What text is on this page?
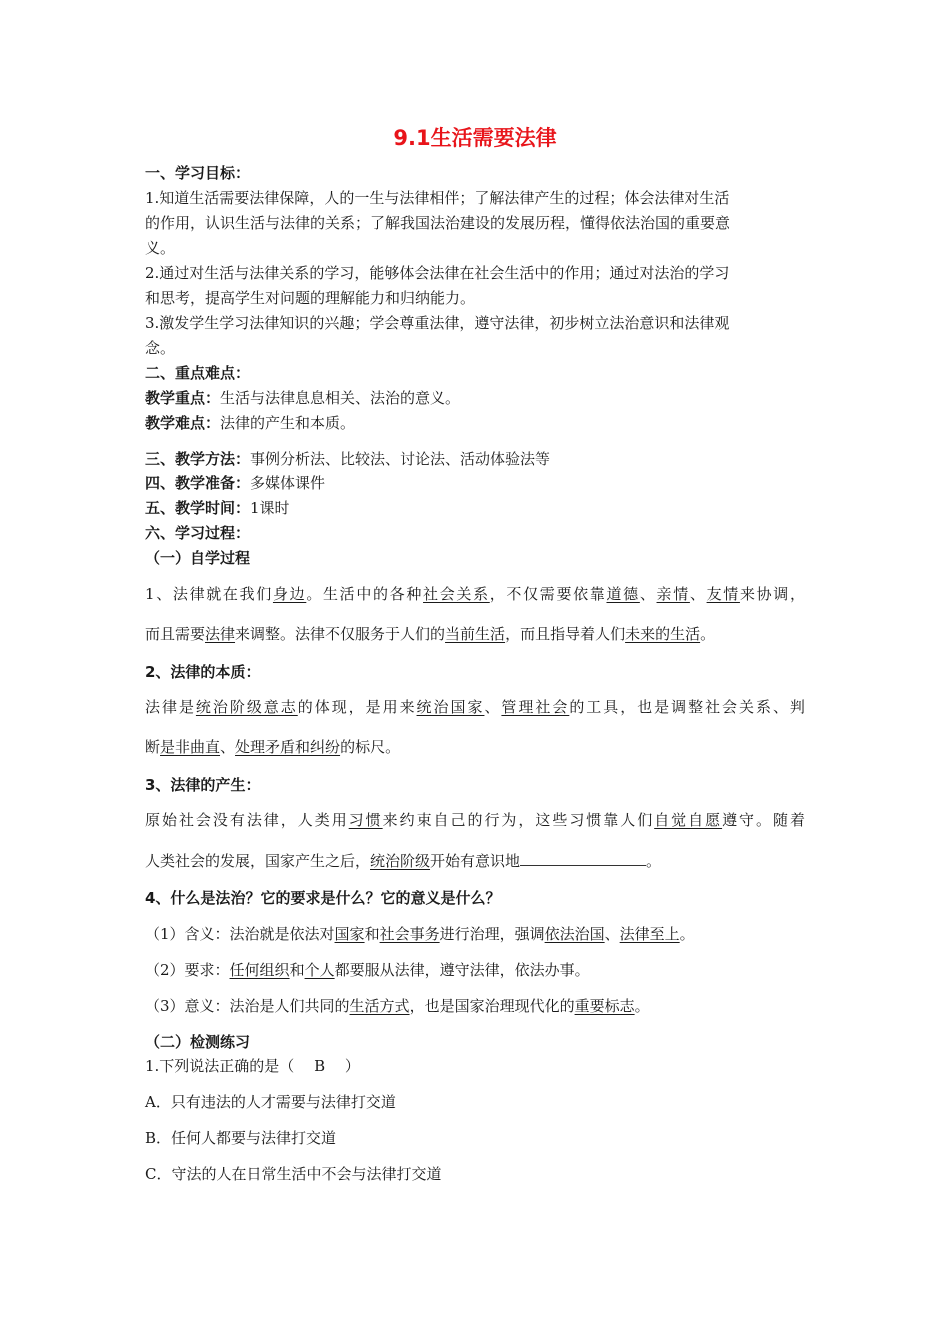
9.1生活需要法律
一、学习目标：
1.知道生活需要法律保障，人的一生与法律相伴；了解法律产生的过程；体会法律对生活
的作用，认识生活与法律的关系；了解我国法治建设的发展历程，懂得依法治国的重要意
义。
2.通过对生活与法律关系的学习，能够体会法律在社会生活中的作用；通过对法治的学习
和思考，提高学生对问题的理解能力和归纳能力。
3.激发学生学习法律知识的兴趣；学会尊重法律，遵守法律，初步树立法治意识和法律观
念。
二、重点难点：
教学重点：生活与法律息息相关、法治的意义。
教学难点：法律的产生和本质。
三、教学方法：事例分析法、比较法、讨论法、活动体验法等
四、教学准备：多媒体课件
五、教学时间：1课时
六、学习过程：
（一）自学过程
1、法律就在我们身边。生活中的各种社会关系，不仅需要依靠道德、亲情、友情来协调，
而且需要法律来调整。法律不仅服务于人们的当前生活，而且指导着人们未来的生活。
2、法律的本质：
法律是统治阶级意志的体现，是用来统治国家、管理社会的工具，也是调整社会关系、判
断是非曲直、处理矛盾和纠纷的标尺。
3、法律的产生：
原始社会没有法律，人类用习惯来约束自己的行为，这些习惯靠人们自觉自愿遵守。随着
人类社会的发展，国家产生之后，统治阶级开始有意识地	。
4、什么是法治？它的要求是什么？它的意义是什么？
（1）含义：法治就是依法对国家和社会事务进行治理，强调依法治国、法律至上。
（2）要求：任何组织和个人都要服从法律，遵守法律，依法办事。
（3）意义：法治是人们共同的生活方式，也是国家治理现代化的重要标志。
（二）检测练习
1.下列说法正确的是（　 B　 ）
A．只有违法的人才需要与法律打交道
B．任何人都要与法律打交道
C．守法的人在日常生活中不会与法律打交道
